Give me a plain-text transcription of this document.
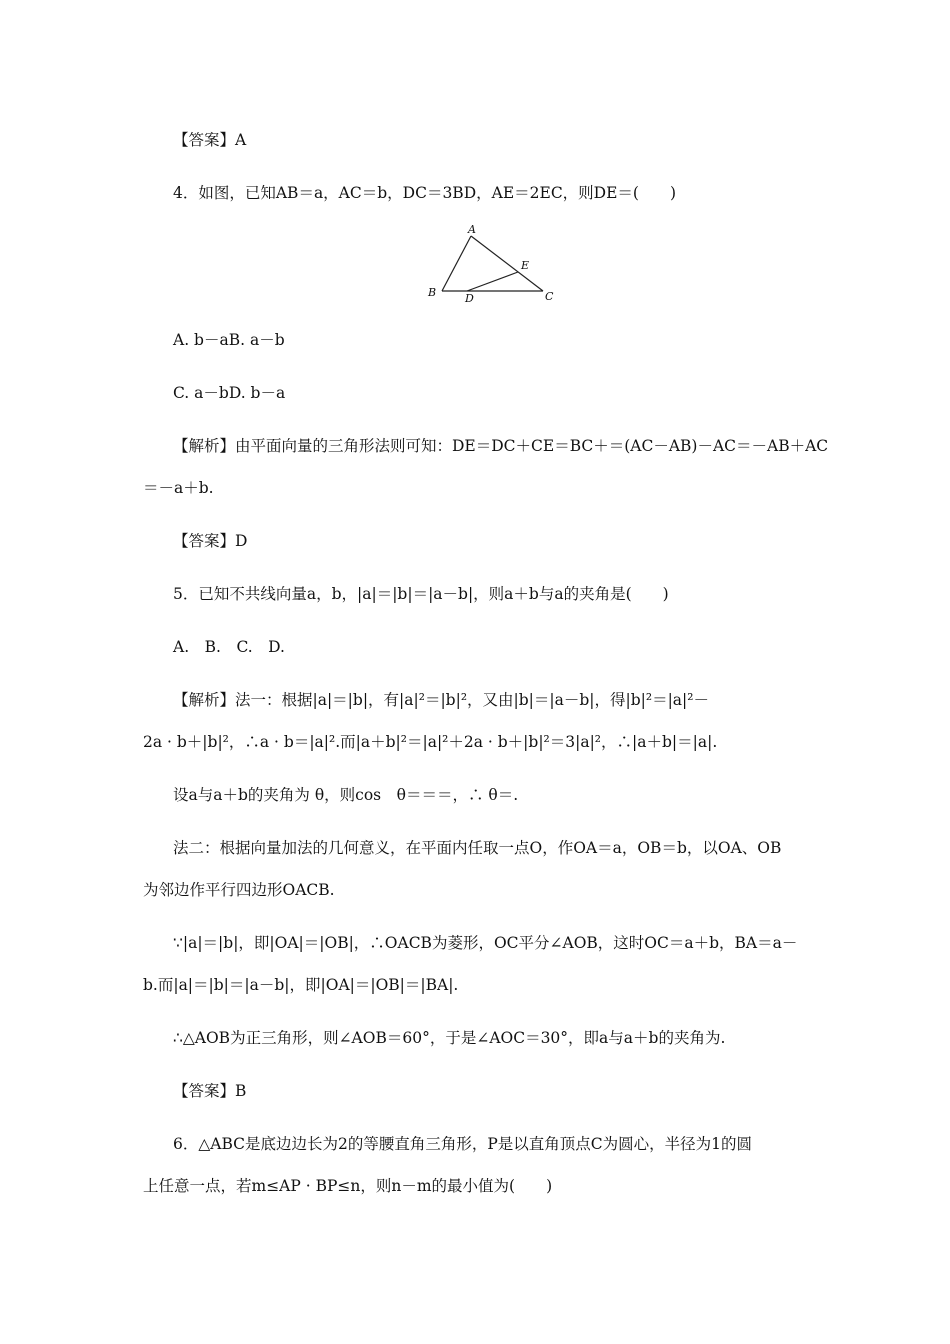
【答案】A
4．如图，已知AB＝a，AC＝b，DC＝3BD，AE＝2EC，则DE＝(　　)
A
B	C
D
E
A. b－aB. a－b
C. a－bD. b－a
【解析】由平面向量的三角形法则可知：DE＝DC＋CE＝BC＋＝(AC－AB)－AC＝－AB＋AC
＝－a＋b.
【答案】D
5．已知不共线向量a，b，|a|＝|b|＝|a－b|，则a＋b与a的夹角是(　　)
A.　B.　C.　D.
【解析】法一：根据|a|＝|b|，有|a|²＝|b|²，又由|b|＝|a－b|，得|b|²＝|a|²－
2a · b＋|b|²，∴a · b＝|a|².而|a＋b|²＝|a|²＋2a · b＋|b|²＝3|a|²，∴|a＋b|＝|a|.
设a与a＋b的夹角为 θ，则cos　θ＝＝＝，∴ θ＝.
法二：根据向量加法的几何意义，在平面内任取一点O，作OA＝a，OB＝b，以OA、OB
为邻边作平行四边形OACB.
∵|a|＝|b|，即|OA|＝|OB|，∴OACB为菱形，OC平分∠AOB，这时OC＝a＋b，BA＝a－
b.而|a|＝|b|＝|a－b|，即|OA|＝|OB|＝|BA|.
∴△AOB为正三角形，则∠AOB＝60°，于是∠AOC＝30°，即a与a＋b的夹角为.
【答案】B
6．△ABC是底边边长为2的等腰直角三角形，P是以直角顶点C为圆心，半径为1的圆
上任意一点，若m≤AP · BP≤n，则n－m的最小值为(　　)
